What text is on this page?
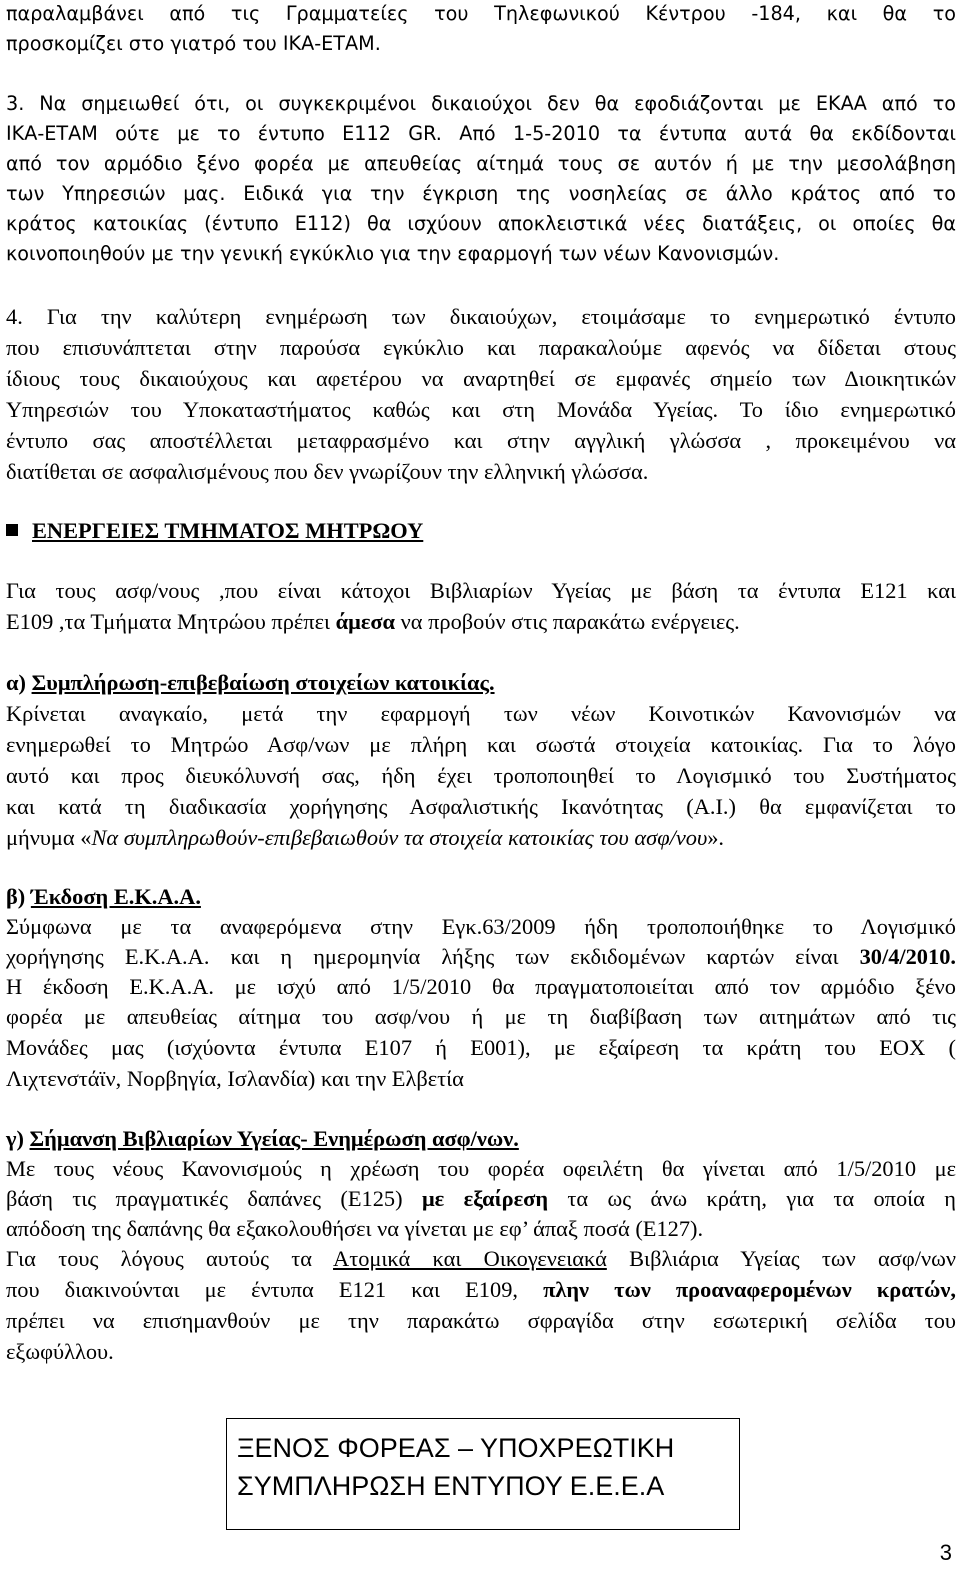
παραλαμβάνει από τις Γραμματείες του Τηλεφωνικού Κέντρου -184, και θα το

προσκομίζει στο γιατρό του ΙΚΑ-ΕΤΑΜ.

3. Να σημειωθεί ότι, οι συγκεκριμένοι δικαιούχοι δεν θα εφοδιάζονται με ΕΚΑΑ από το

ΙΚΑ-ΕΤΑΜ ούτε με το έντυπο Ε112 GR. Από 1-5-2010 τα έντυπα αυτά θα εκδίδονται

από τον αρμόδιο ξένο φορέα με απευθείας αίτημά τους σε αυτόν ή με την μεσολάβηση

των Υπηρεσιών μας. Ειδικά για την έγκριση της νοσηλείας σε άλλο κράτος από το

κράτος κατοικίας (έντυπο Ε112) θα ισχύουν αποκλειστικά νέες διατάξεις, οι οποίες θα

κοινοποιηθούν με την γενική εγκύκλιο για την εφαρμογή των νέων Κανονισμών.

4. Για την καλύτερη ενημέρωση των δικαιούχων, ετοιμάσαμε το ενημερωτικό έντυπο

που επισυνάπτεται στην παρούσα εγκύκλιο και παρακαλούμε αφενός να δίδεται στους

ίδιους τους δικαιούχους και αφετέρου να αναρτηθεί σε εμφανές σημείο των Διοικητικών

Υπηρεσιών του Υποκαταστήματος καθώς και στη Μονάδα Υγείας. Το ίδιο ενημερωτικό

έντυπο σας αποστέλλεται μεταφρασμένο και στην αγγλική γλώσσα , προκειμένου να

διατίθεται σε ασφαλισμένους που δεν γνωρίζουν την ελληνική γλώσσα.

ΕΝΕΡΓΕΙΕΣ ΤΜΗΜΑΤΟΣ ΜΗΤΡΩΟΥ

Για τους ασφ/νους ,που είναι κάτοχοι Βιβλιαρίων Υγείας με βάση τα έντυπα Ε121 και

Ε109 ,τα Τμήματα Μητρώου πρέπει άμεσα να προβούν στις παρακάτω ενέργειες.

α) Συμπλήρωση-επιβεβαίωση στοιχείων κατοικίας.

Κρίνεται αναγκαίο, μετά την εφαρμογή των νέων Κοινοτικών Κανονισμών να

ενημερωθεί το Μητρώο Ασφ/νων με πλήρη και σωστά στοιχεία κατοικίας. Για το λόγο

αυτό και προς διευκόλυνσή σας, ήδη έχει τροποποιηθεί το Λογισμικό του Συστήματος

και κατά τη διαδικασία χορήγησης Ασφαλιστικής Ικανότητας (Α.Ι.) θα εμφανίζεται το

μήνυμα «Να συμπληρωθούν-επιβεβαιωθούν τα στοιχεία κατοικίας του ασφ/νου».

β) Έκδοση Ε.Κ.Α.Α.

Σύμφωνα με τα αναφερόμενα στην Εγκ.63/2009 ήδη τροποποιήθηκε το Λογισμικό

χορήγησης Ε.Κ.Α.Α. και η ημερομηνία λήξης των εκδιδομένων καρτών είναι 30/4/2010.

Η έκδοση Ε.Κ.Α.Α. με ισχύ από 1/5/2010 θα πραγματοποιείται από τον αρμόδιο ξένο

φορέα με απευθείας αίτημα του ασφ/νου ή με τη διαβίβαση των αιτημάτων από τις

Μονάδες μας (ισχύοντα έντυπα Ε107 ή Ε001), με εξαίρεση τα κράτη του ΕΟΧ (

Λιχτενστάϊν, Νορβηγία, Ισλανδία) και την Ελβετία

γ) Σήμανση Βιβλιαρίων Υγείας- Ενημέρωση ασφ/νων.

Με τους νέους Κανονισμούς η χρέωση του φορέα οφειλέτη θα γίνεται από 1/5/2010 με

βάση τις πραγματικές δαπάνες (Ε125) με εξαίρεση τα ως άνω κράτη, για τα οποία η

απόδοση της δαπάνης θα εξακολουθήσει να γίνεται με εφ’ άπαξ ποσά (Ε127).

Για τους λόγους αυτούς τα Ατομικά και Οικογενειακά Βιβλιάρια Υγείας των ασφ/νων

που διακινούνται με έντυπα Ε121 και Ε109, πλην των προαναφερομένων κρατών,

πρέπει να επισημανθούν με την παρακάτω σφραγίδα στην εσωτερική σελίδα του

εξωφύλλου.

ΞΕΝΟΣ ΦΟΡΕΑΣ – ΥΠΟΧΡΕΩΤΙΚΗ
ΣΥΜΠΛΗΡΩΣΗ ΕΝΤΥΠΟΥ Ε.Ε.Ε.Α
3
